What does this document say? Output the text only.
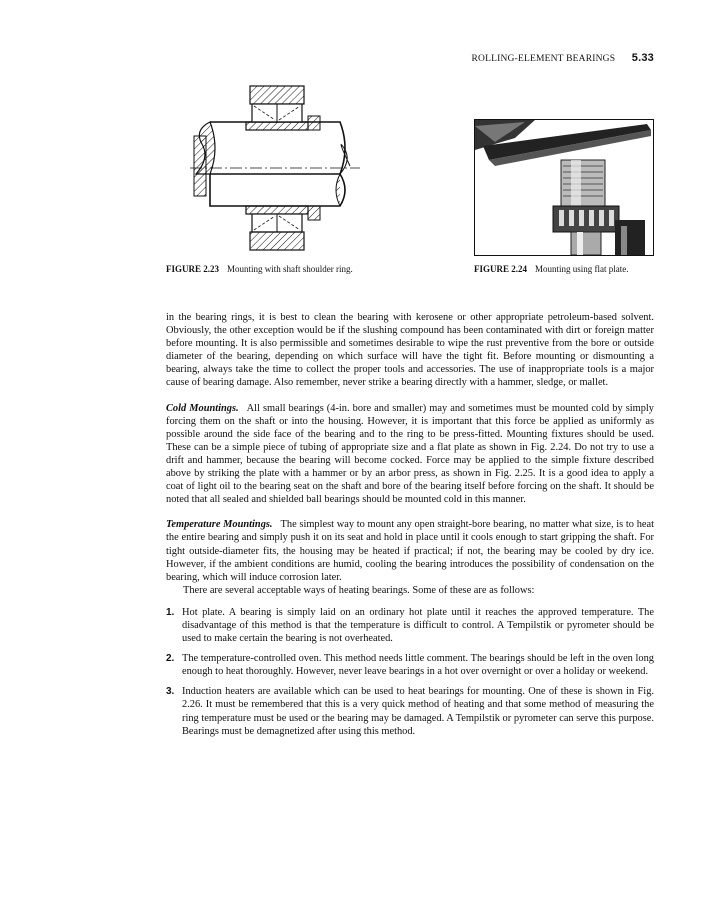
ROLLING-ELEMENT BEARINGS 5.33
FIGURE 2.23 Mounting with shaft shoulder ring.	FIGURE 2.24 Mounting using flat plate.

in the bearing rings, it is best to clean the bearing with kerosene or other appropriate petroleum-based solvent. Obviously, the other exception would be if the slushing compound has been contaminated with dirt or foreign matter before mounting. It is also permissible and sometimes desirable to wipe the rust preventive from the bore or outside diameter of the bearing, depending on which surface will have the tight fit. Before mounting or dismounting a bearing, always take the time to collect the proper tools and accessories. The use of inappropriate tools is a major cause of bearing damage. Also remember, never strike a bearing directly with a hammer, sledge, or mallet.

Cold Mountings. All small bearings (4-in. bore and smaller) may and sometimes must be mounted cold by simply forcing them on the shaft or into the housing. However, it is important that this force be applied as uniformly as possible around the side face of the bearing and to the ring to be press-fitted. Mounting fixtures should be used. These can be a simple piece of tubing of appropriate size and a flat plate as shown in Fig. 2.24. Do not try to use a drift and hammer, because the bearing will become cocked. Force may be applied to the simple fixture described above by striking the plate with a hammer or by an arbor press, as shown in Fig. 2.25. It is a good idea to apply a coat of light oil to the bearing seat on the shaft and bore of the bearing itself before forcing on the shaft. It should be noted that all sealed and shielded ball bearings should be mounted cold in this manner.

Temperature Mountings. The simplest way to mount any open straight-bore bearing, no matter what size, is to heat the entire bearing and simply push it on its seat and hold in place until it cools enough to start gripping the shaft. For tight outside-diameter fits, the housing may be heated if practical; if not, the bearing may be cooled by dry ice. However, if the ambient conditions are humid, cooling the bearing introduces the possibility of condensation on the bearing, which will induce corrosion later.

There are several acceptable ways of heating bearings. Some of these are as follows:

1. Hot plate. A bearing is simply laid on an ordinary hot plate until it reaches the approved temperature. The disadvantage of this method is that the temperature is difficult to control. A Tempilstik or pyrometer should be used to make certain the bearing is not overheated.
2. The temperature-controlled oven. This method needs little comment. The bearings should be left in the oven long enough to heat thoroughly. However, never leave bearings in a hot over overnight or over a holiday or weekend.
3. Induction heaters are available which can be used to heat bearings for mounting. One of these is shown in Fig. 2.26. It must be remembered that this is a very quick method of heating and that some method of measuring the ring temperature must be used or the bearing may be damaged. A Tempilstik or pyrometer can serve this purpose. Bearings must be demagnetized after using this method.
